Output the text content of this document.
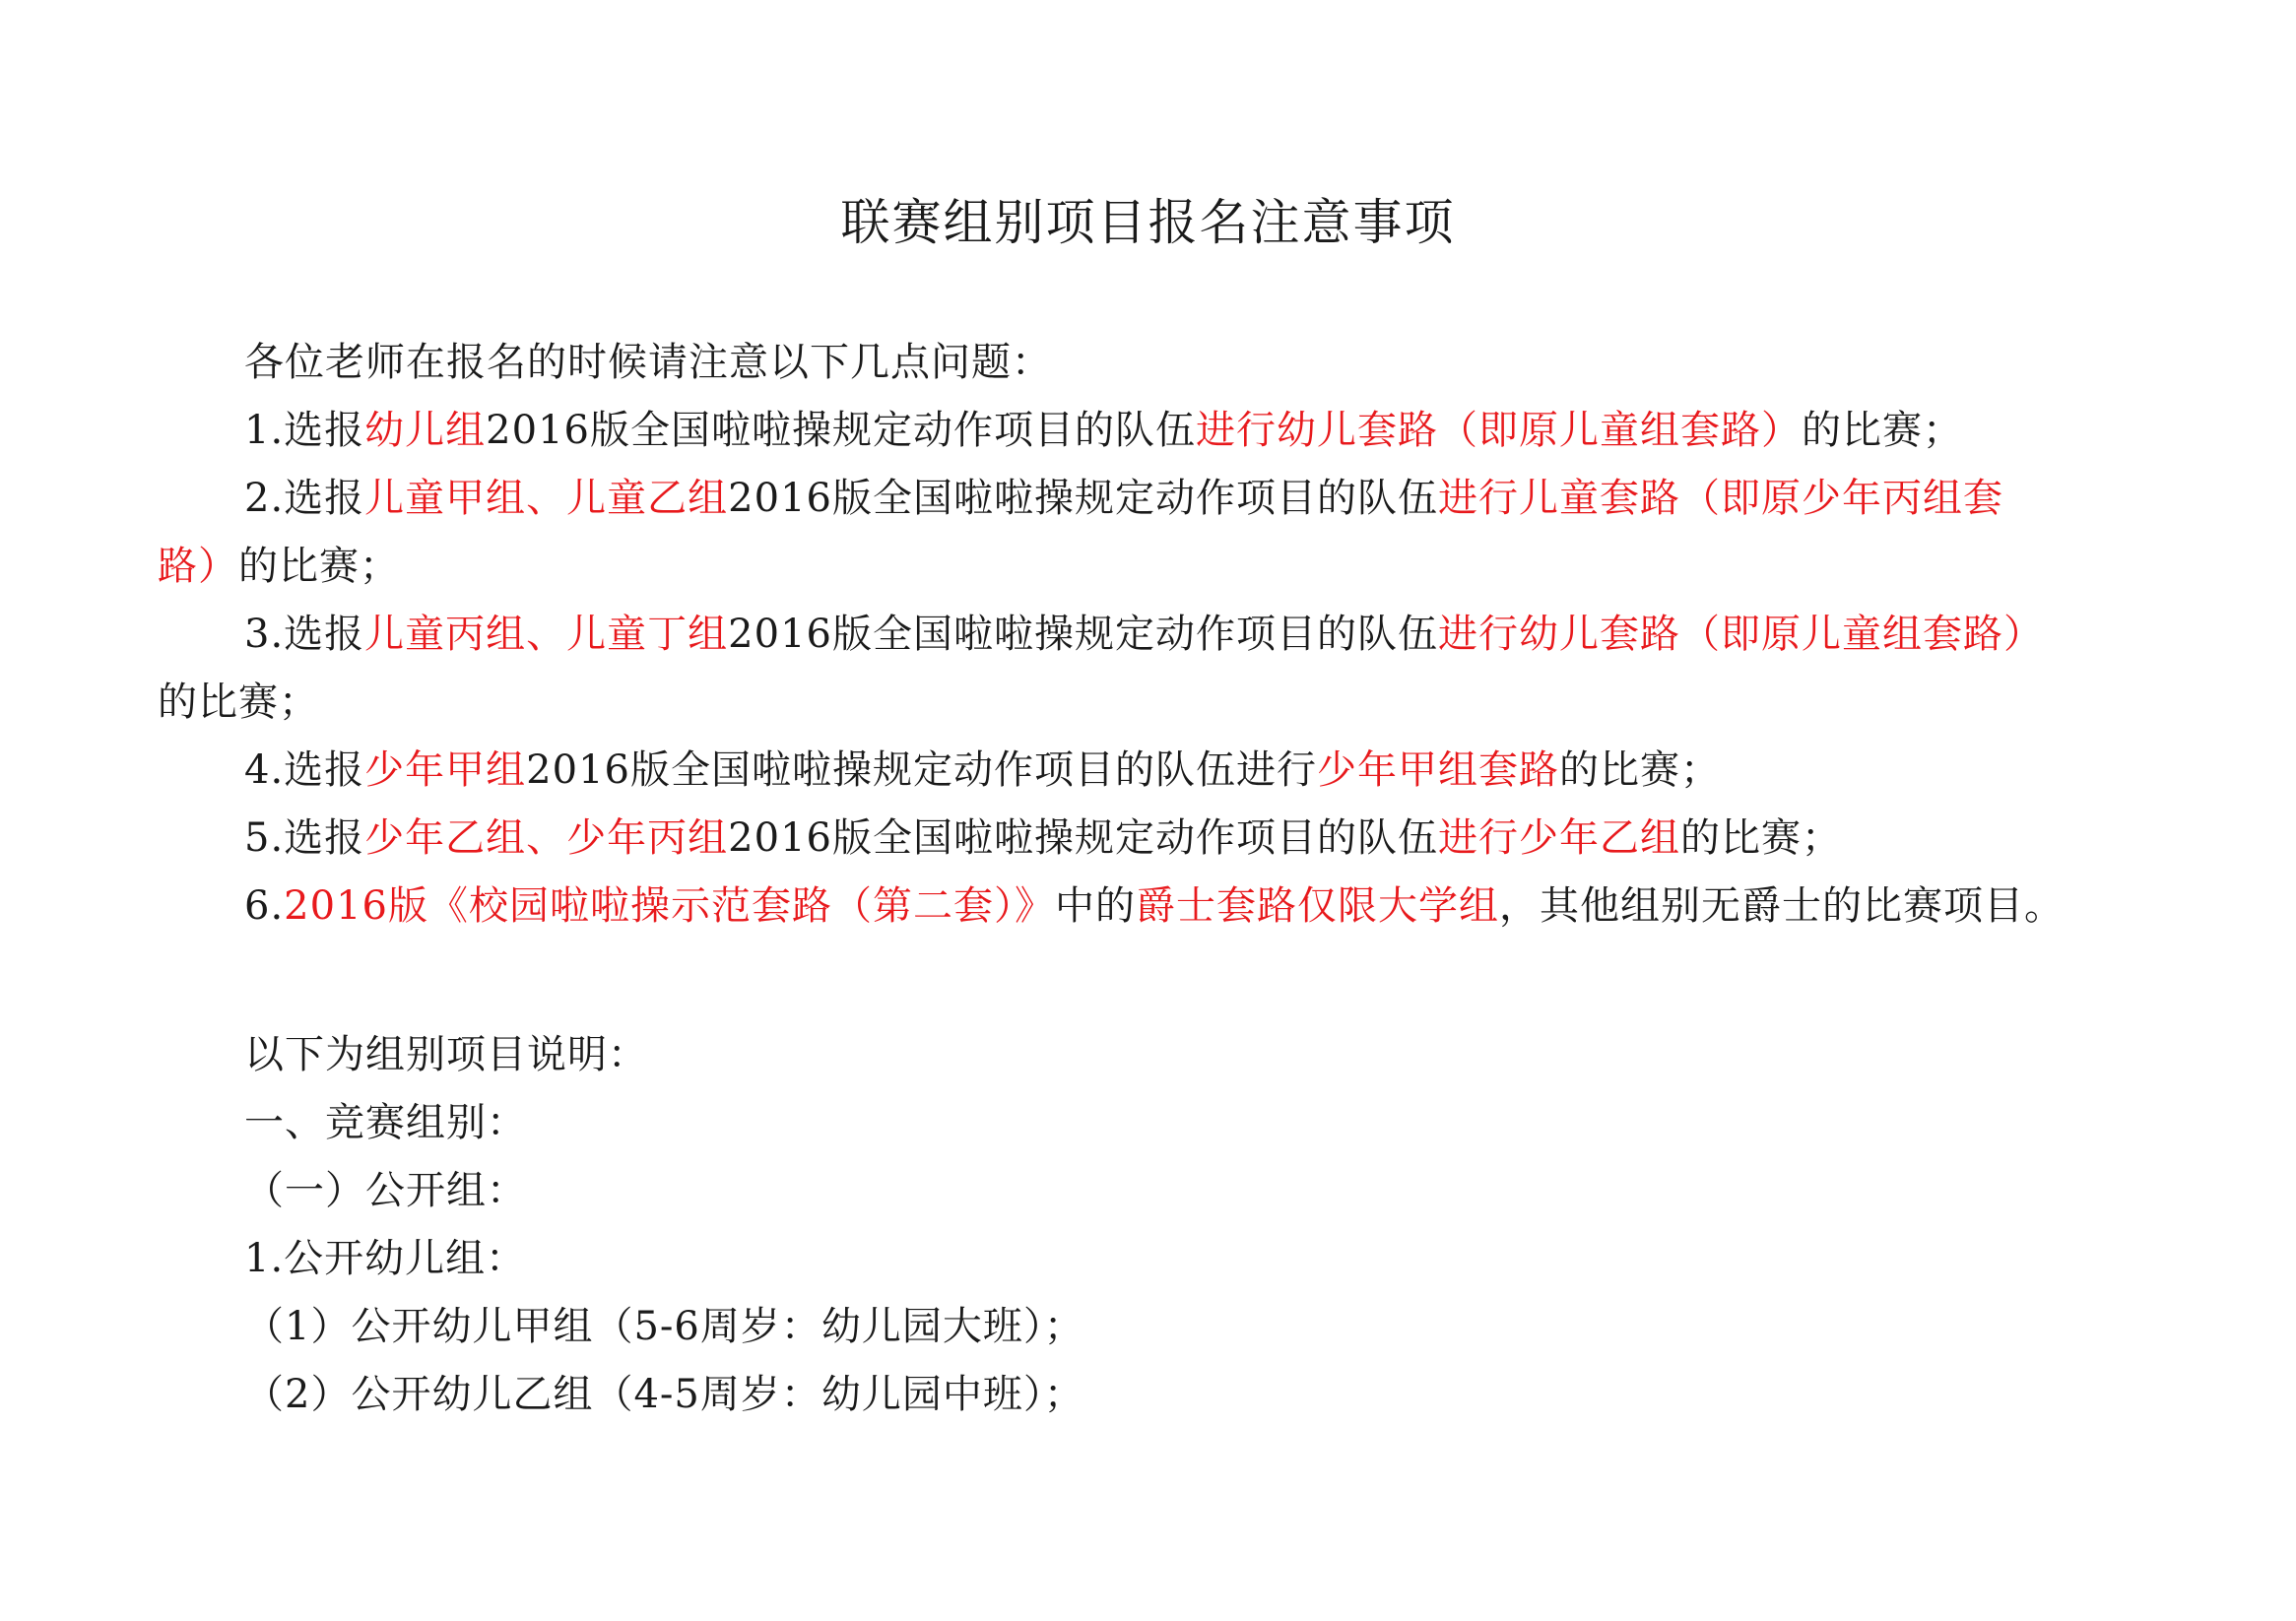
联赛组别项目报名注意事项
各位老师在报名的时候请注意以下几点问题：
1.选报幼儿组2016版全国啦啦操规定动作项目的队伍进行幼儿套路（即原儿童组套路）的比赛；
2.选报儿童甲组、儿童乙组2016版全国啦啦操规定动作项目的队伍进行儿童套路（即原少年丙组套
路）的比赛；
3.选报儿童丙组、儿童丁组2016版全国啦啦操规定动作项目的队伍进行幼儿套路（即原儿童组套路）
的比赛；
4.选报少年甲组2016版全国啦啦操规定动作项目的队伍进行少年甲组套路的比赛；
5.选报少年乙组、少年丙组2016版全国啦啦操规定动作项目的队伍进行少年乙组的比赛；
6.2016版《校园啦啦操示范套路（第二套）》中的爵士套路仅限大学组，其他组别无爵士的比赛项目。
以下为组别项目说明：
一、竞赛组别：
（一）公开组：
1.公开幼儿组：
（1）公开幼儿甲组（5-6周岁：幼儿园大班）；
（2）公开幼儿乙组（4-5周岁：幼儿园中班）；
